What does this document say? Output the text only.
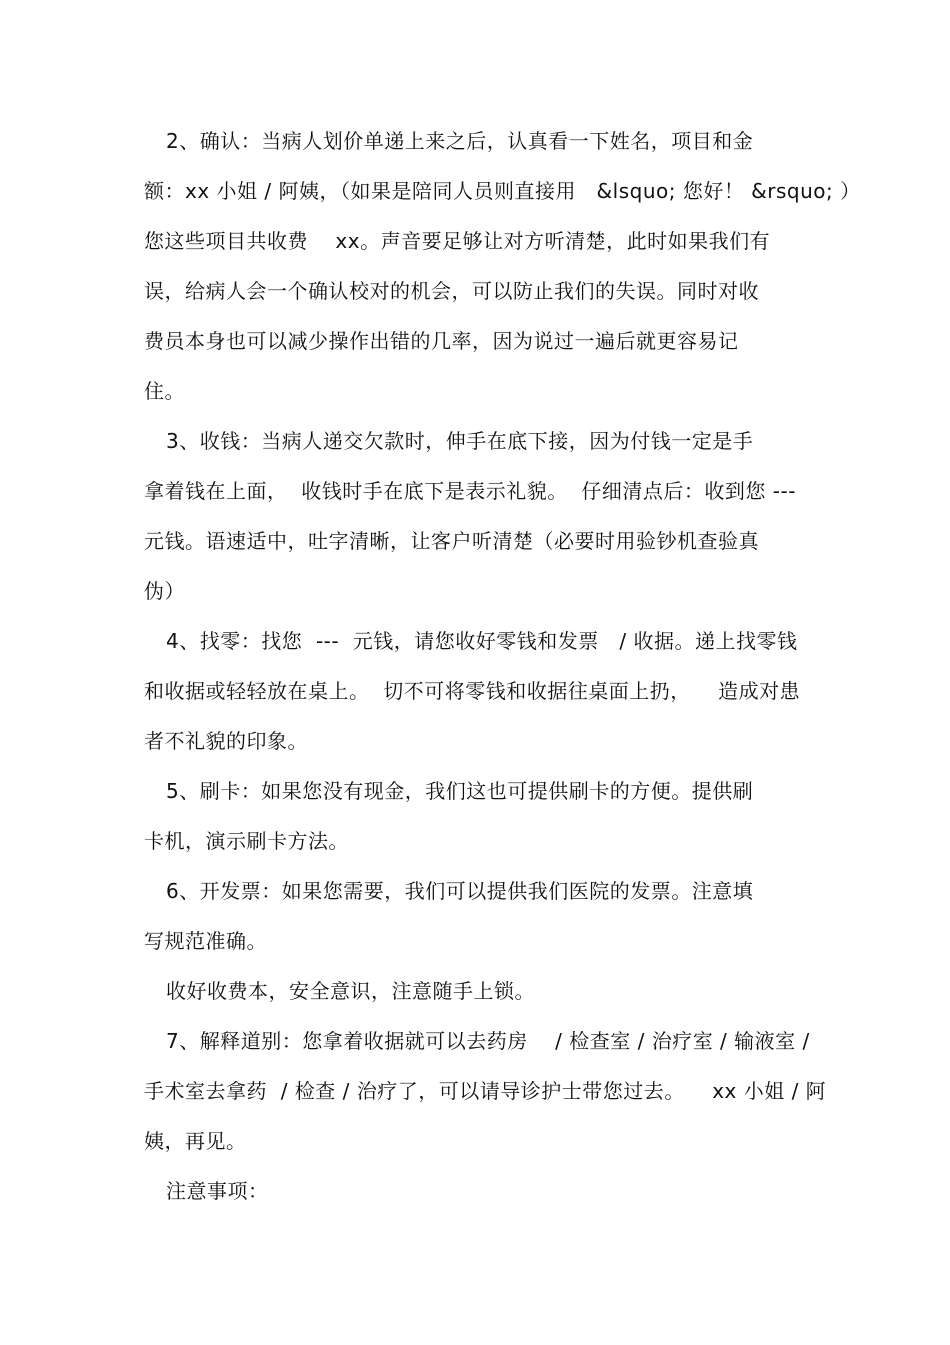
2、确认：当病人划价单递上来之后，认真看一下姓名，项目和金
额：xx 小姐 / 阿姨，（如果是陪同人员则直接用   &lsquo; 您好！ &rsquo; ）
您这些项目共收费    xx。声音要足够让对方听清楚，此时如果我们有
误，给病人会一个确认校对的机会，可以防止我们的失误。同时对收
费员本身也可以减少操作出错的几率，因为说过一遍后就更容易记
住。
3、收钱：当病人递交欠款时，伸手在底下接，因为付钱一定是手
拿着钱在上面，  收钱时手在底下是表示礼貌。  仔细清点后：收到您 ---
元钱。语速适中，吐字清晰，让客户听清楚（必要时用验钞机查验真
伪）
4、找零：找您  ---  元钱，请您收好零钱和发票   / 收据。递上找零钱
和收据或轻轻放在桌上。  切不可将零钱和收据往桌面上扔，    造成对患
者不礼貌的印象。
5、刷卡：如果您没有现金，我们这也可提供刷卡的方便。提供刷
卡机，演示刷卡方法。
6、开发票：如果您需要，我们可以提供我们医院的发票。注意填
写规范准确。
收好收费本，安全意识，注意随手上锁。
7、解释道别：您拿着收据就可以去药房    / 检查室 / 治疗室 / 输液室 /
手术室去拿药  / 检查 / 治疗了，可以请导诊护士带您过去。    xx 小姐 / 阿
姨，再见。
注意事项：
